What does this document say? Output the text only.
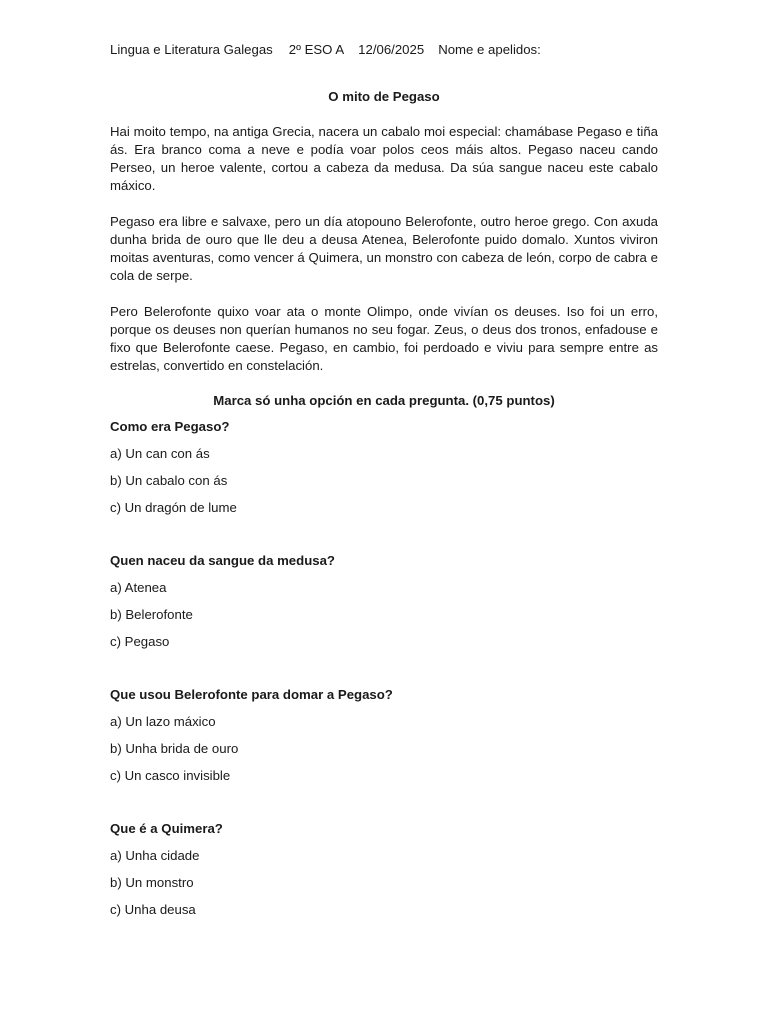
Lingua e Literatura Galegas 2º ESO A 12/06/2025 Nome e apelidos:
O mito de Pegaso

Hai moito tempo, na antiga Grecia, nacera un cabalo moi especial: chamábase Pegaso e tiña ás. Era branco coma a neve e podía voar polos ceos máis altos. Pegaso naceu cando Perseo, un heroe valente, cortou a cabeza da medusa. Da súa sangue naceu este cabalo máxico.

Pegaso era libre e salvaxe, pero un día atopouno Belerofonte, outro heroe grego. Con axuda dunha brida de ouro que lle deu a deusa Atenea, Belerofonte puido domalo. Xuntos viviron moitas aventuras, como vencer á Quimera, un monstro con cabeza de león, corpo de cabra e cola de serpe.

Pero Belerofonte quixo voar ata o monte Olimpo, onde vivían os deuses. Iso foi un erro, porque os deuses non querían humanos no seu fogar. Zeus, o deus dos tronos, enfadouse e fixo que Belerofonte caese. Pegaso, en cambio, foi perdoado e viviu para sempre entre as estrelas, convertido en constelación.

Marca só unha opción en cada pregunta. (0,75 puntos)
Como era Pegaso?
a) Un can con ás
b) Un cabalo con ás
c) Un dragón de lume
Quen naceu da sangue da medusa?
a) Atenea
b) Belerofonte
c) Pegaso
Que usou Belerofonte para domar a Pegaso?
a) Un lazo máxico
b) Unha brida de ouro
c) Un casco invisible
Que é a Quimera?
a) Unha cidade
b) Un monstro
c) Unha deusa
